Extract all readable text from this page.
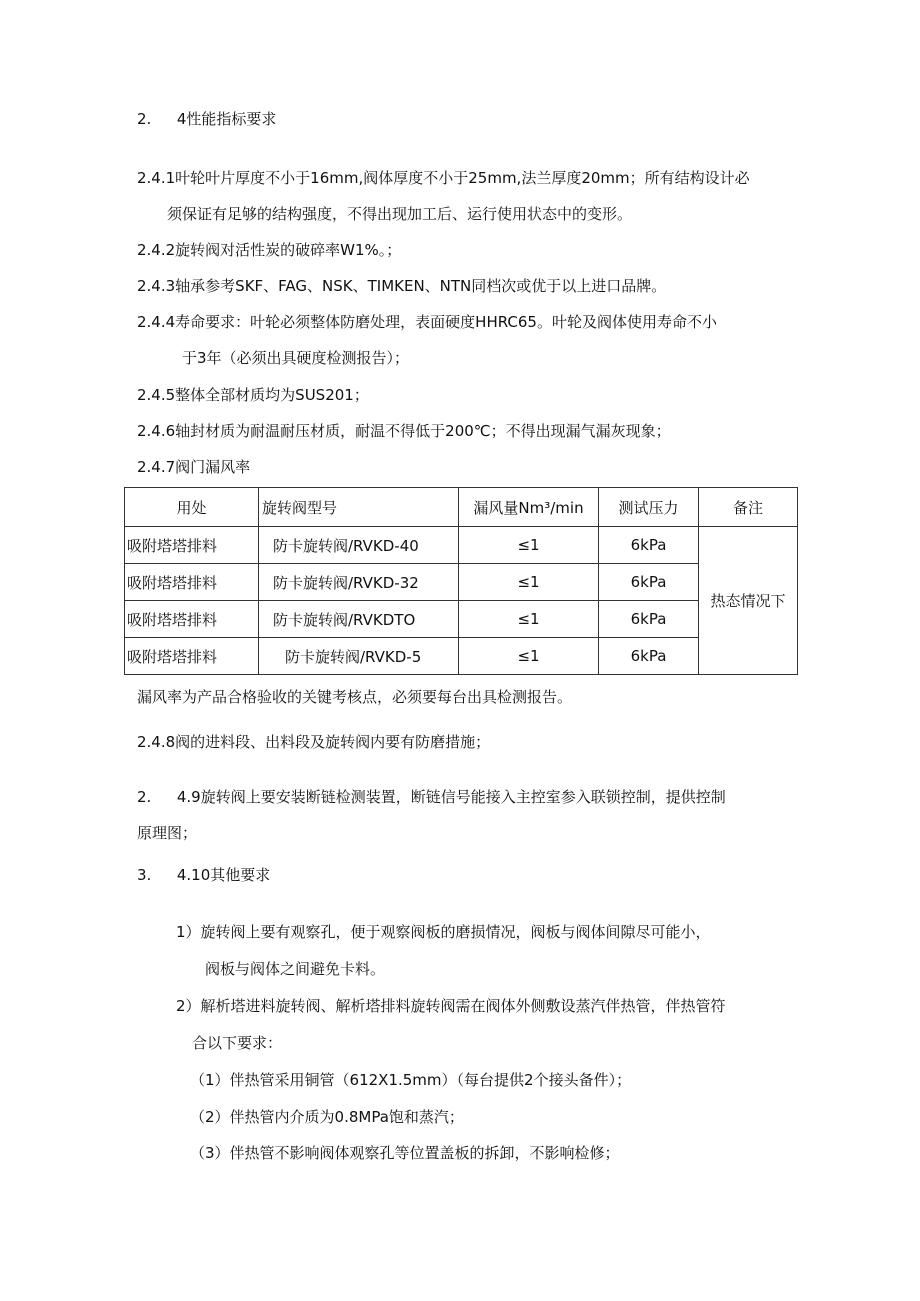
2. 4性能指标要求
2.4.1叶轮叶片厚度不小于16mm,阀体厚度不小于25mm,法兰厚度20mm；所有结构设计必
须保证有足够的结构强度，不得出现加工后、运行使用状态中的变形。
2.4.2旋转阀对活性炭的破碎率W1%。；
2.4.3轴承参考SKF、FAG、NSK、TIMKEN、NTN同档次或优于以上进口品牌。
2.4.4寿命要求：叶轮必须整体防磨处理，表面硬度HHRC65。叶轮及阀体使用寿命不小
于3年（必须出具硬度检测报告）；
2.4.5整体全部材质均为SUS201；
2.4.6轴封材质为耐温耐压材质，耐温不得低于200℃；不得出现漏气漏灰现象；
2.4.7阀门漏风率
用处	旋转阀型号	漏风量Nm³/min	测试压力	备注
吸附塔塔排料	防卡旋转阀/RVKD-40	≤1	6kPa	热态情况下
吸附塔塔排料	防卡旋转阀/RVKD-32	≤1	6kPa	
吸附塔塔排料	防卡旋转阀/RVKDTO	≤1	6kPa	
吸附塔塔排料	防卡旋转阀/RVKD-5	≤1	6kPa	
漏风率为产品合格验收的关键考核点，必须要每台出具检测报告。
2.4.8阀的进料段、出料段及旋转阀内要有防磨措施；
2. 4.9旋转阀上要安装断链检测装置，断链信号能接入主控室参入联锁控制，提供控制
原理图；
3. 4.10其他要求
1）旋转阀上要有观察孔，便于观察阀板的磨损情况，阀板与阀体间隙尽可能小，
阀板与阀体之间避免卡料。
2）解析塔进料旋转阀、解析塔排料旋转阀需在阀体外侧敷设蒸汽伴热管，伴热管符
合以下要求：
（1）伴热管采用铜管（612X1.5mm）（每台提供2个接头备件）；
（2）伴热管内介质为0.8MPa饱和蒸汽；
（3）伴热管不影响阀体观察孔等位置盖板的拆卸，不影响检修；
